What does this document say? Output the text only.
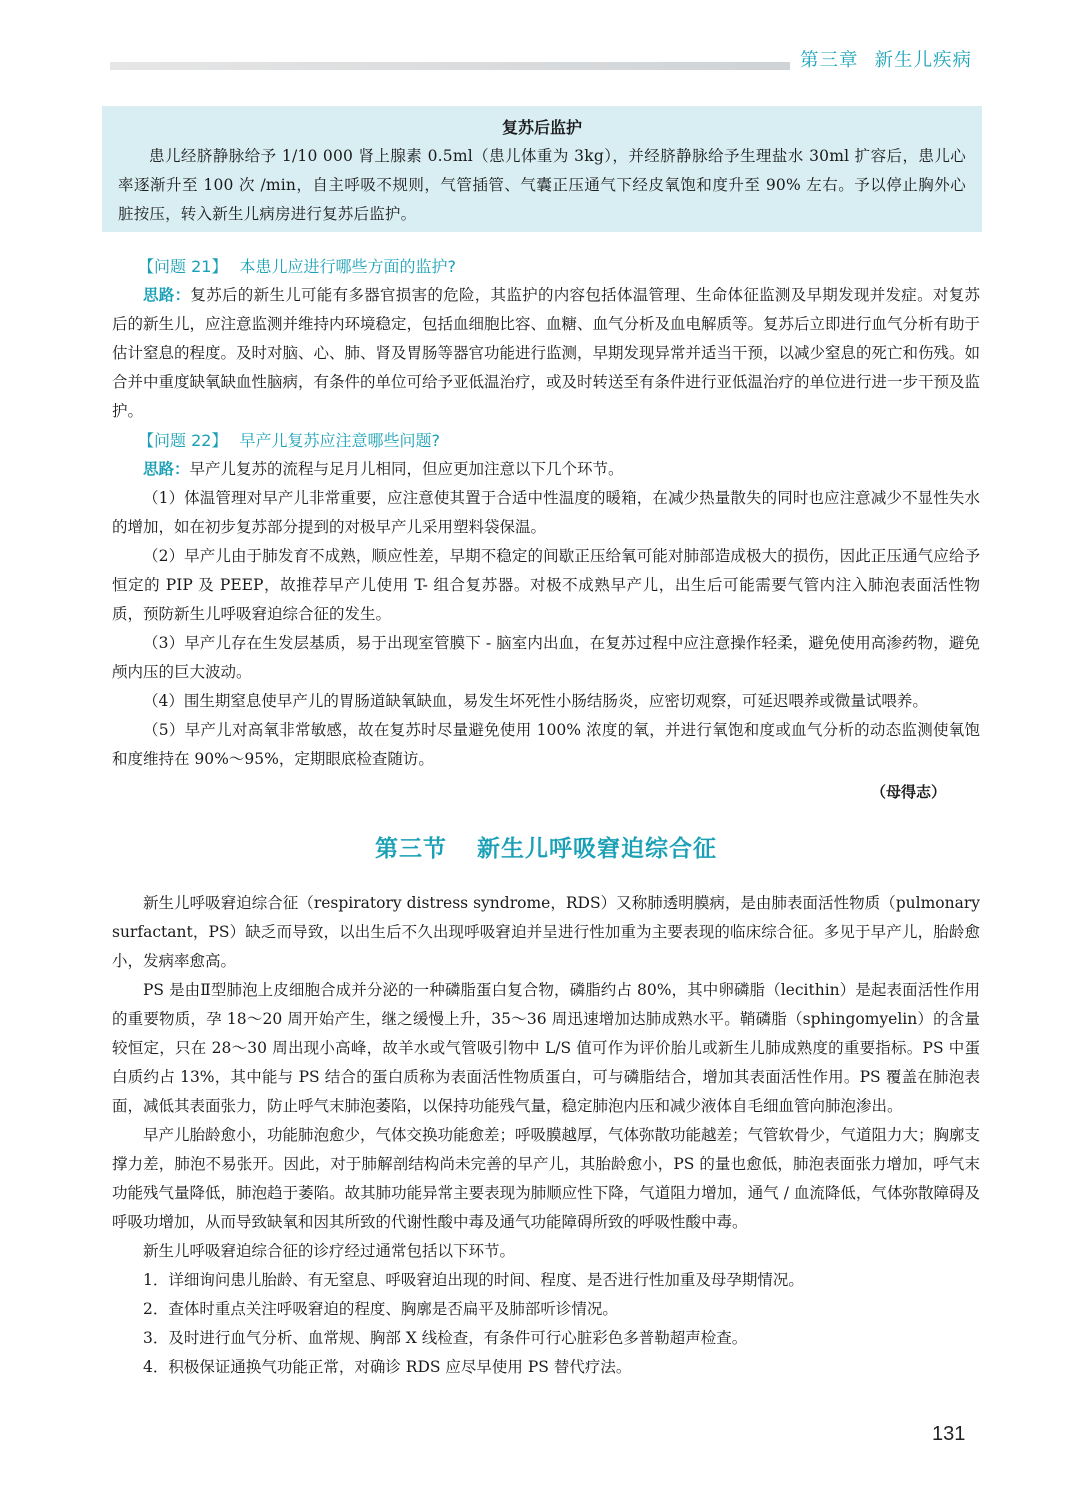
第三章 新生儿疾病
复苏后监护

患儿经脐静脉给予 1/10 000 肾上腺素 0.5ml（患儿体重为 3kg），并经脐静脉给予生理盐水 30ml 扩容后，患儿心率逐渐升至 100 次 /min，自主呼吸不规则，气管插管、气囊正压通气下经皮氧饱和度升至 90% 左右。予以停止胸外心脏按压，转入新生儿病房进行复苏后监护。

【问题 21】 本患儿应进行哪些方面的监护?

思路：复苏后的新生儿可能有多器官损害的危险，其监护的内容包括体温管理、生命体征监测及早期发现并发症。对复苏后的新生儿，应注意监测并维持内环境稳定，包括血细胞比容、血糖、血气分析及血电解质等。复苏后立即进行血气分析有助于估计窒息的程度。及时对脑、心、肺、肾及胃肠等器官功能进行监测，早期发现异常并适当干预，以减少窒息的死亡和伤残。如合并中重度缺氧缺血性脑病，有条件的单位可给予亚低温治疗，或及时转送至有条件进行亚低温治疗的单位进行进一步干预及监护。

【问题 22】 早产儿复苏应注意哪些问题?

思路：早产儿复苏的流程与足月儿相同，但应更加注意以下几个环节。

（1）体温管理对早产儿非常重要，应注意使其置于合适中性温度的暖箱，在减少热量散失的同时也应注意减少不显性失水的增加，如在初步复苏部分提到的对极早产儿采用塑料袋保温。

（2）早产儿由于肺发育不成熟，顺应性差，早期不稳定的间歇正压给氧可能对肺部造成极大的损伤，因此正压通气应给予恒定的 PIP 及 PEEP，故推荐早产儿使用 T- 组合复苏器。对极不成熟早产儿，出生后可能需要气管内注入肺泡表面活性物质，预防新生儿呼吸窘迫综合征的发生。

（3）早产儿存在生发层基质，易于出现室管膜下 - 脑室内出血，在复苏过程中应注意操作轻柔，避免使用高渗药物，避免颅内压的巨大波动。

（4）围生期窒息使早产儿的胃肠道缺氧缺血，易发生坏死性小肠结肠炎，应密切观察，可延迟喂养或微量试喂养。

（5）早产儿对高氧非常敏感，故在复苏时尽量避免使用 100% 浓度的氧，并进行氧饱和度或血气分析的动态监测使氧饱和度维持在 90%～95%，定期眼底检查随访。

（母得志）
第三节 新生儿呼吸窘迫综合征

新生儿呼吸窘迫综合征（respiratory distress syndrome，RDS）又称肺透明膜病，是由肺表面活性物质（pulmonary surfactant，PS）缺乏而导致，以出生后不久出现呼吸窘迫并呈进行性加重为主要表现的临床综合征。多见于早产儿，胎龄愈小，发病率愈高。

PS 是由Ⅱ型肺泡上皮细胞合成并分泌的一种磷脂蛋白复合物，磷脂约占 80%，其中卵磷脂（lecithin）是起表面活性作用的重要物质，孕 18～20 周开始产生，继之缓慢上升，35～36 周迅速增加达肺成熟水平。鞘磷脂（sphingomyelin）的含量较恒定，只在 28～30 周出现小高峰，故羊水或气管吸引物中 L/S 值可作为评价胎儿或新生儿肺成熟度的重要指标。PS 中蛋白质约占 13%，其中能与 PS 结合的蛋白质称为表面活性物质蛋白，可与磷脂结合，增加其表面活性作用。PS 覆盖在肺泡表面，减低其表面张力，防止呼气末肺泡萎陷，以保持功能残气量，稳定肺泡内压和减少液体自毛细血管向肺泡渗出。

早产儿胎龄愈小，功能肺泡愈少，气体交换功能愈差；呼吸膜越厚，气体弥散功能越差；气管软骨少，气道阻力大；胸廓支撑力差，肺泡不易张开。因此，对于肺解剖结构尚未完善的早产儿，其胎龄愈小，PS 的量也愈低，肺泡表面张力增加，呼气末功能残气量降低，肺泡趋于萎陷。故其肺功能异常主要表现为肺顺应性下降，气道阻力增加，通气 / 血流降低，气体弥散障碍及呼吸功增加，从而导致缺氧和因其所致的代谢性酸中毒及通气功能障碍所致的呼吸性酸中毒。

新生儿呼吸窘迫综合征的诊疗经过通常包括以下环节。

1．详细询问患儿胎龄、有无窒息、呼吸窘迫出现的时间、程度、是否进行性加重及母孕期情况。

2．查体时重点关注呼吸窘迫的程度、胸廓是否扁平及肺部听诊情况。

3．及时进行血气分析、血常规、胸部 X 线检查，有条件可行心脏彩色多普勒超声检查。

4．积极保证通换气功能正常，对确诊 RDS 应尽早使用 PS 替代疗法。

131
